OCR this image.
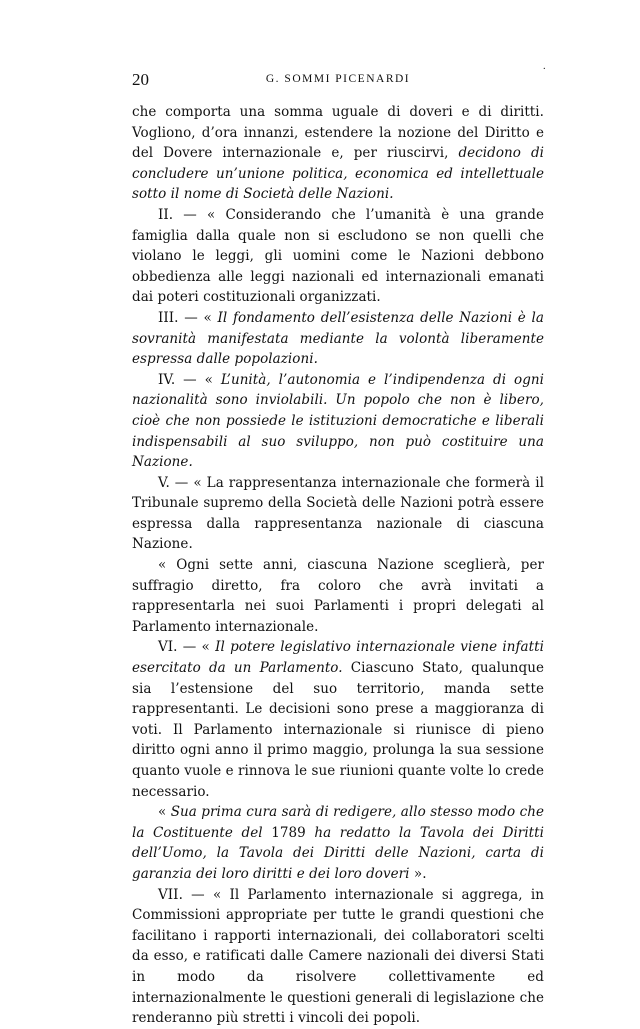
20	G. SOMMI PICENARDI
·

che comporta una somma uguale di doveri e di diritti. Vogliono, d’ora innanzi, estendere la nozione del Diritto e del Dovere internazionale e, per riuscirvi, decidono di concludere un’unione politica, economica ed intellettuale sotto il nome di Società delle Nazioni.

II. — « Considerando che l’umanità è una grande famiglia dalla quale non si escludono se non quelli che violano le leggi, gli uomini come le Nazioni debbono obbedienza alle leggi nazionali ed internazionali emanati dai poteri costituzionali organizzati.

III. — « Il fondamento dell’esistenza delle Nazioni è la sovranità manifestata mediante la volontà liberamente espressa dalle popolazioni.

IV. — « L’unità, l’autonomia e l’indipendenza di ogni nazionalità sono inviolabili. Un popolo che non è libero, cioè che non possiede le istituzioni democratiche e liberali indispensabili al suo sviluppo, non può costituire una Nazione.

V. — « La rappresentanza internazionale che formerà il Tribunale supremo della Società delle Nazioni potrà essere espressa dalla rappresentanza nazionale di ciascuna Nazione.

« Ogni sette anni, ciascuna Nazione sceglierà, per suffragio diretto, fra coloro che avrà invitati a rappresentarla nei suoi Parlamenti i propri delegati al Parlamento internazionale.

VI. — « Il potere legislativo internazionale viene infatti esercitato da un Parlamento. Ciascuno Stato, qualunque sia l’estensione del suo territorio, manda sette rappresentanti. Le decisioni sono prese a maggioranza di voti. Il Parlamento internazionale si riunisce di pieno diritto ogni anno il primo maggio, prolunga la sua sessione quanto vuole e rinnova le sue riunioni quante volte lo crede necessario.

« Sua prima cura sarà di redigere, allo stesso modo che la Costituente del 1789 ha redatto la Tavola dei Diritti dell’Uomo, la Tavola dei Diritti delle Nazioni, carta di garanzia dei loro diritti e dei loro doveri ».

VII. — « Il Parlamento internazionale si aggrega, in Commissioni appropriate per tutte le grandi questioni che facilitano i rapporti internazionali, dei collaboratori scelti da esso, e ratificati dalle Camere nazionali dei diversi Stati in modo da risolvere collettivamente ed internazionalmente le questioni generali di legislazione che renderanno più stretti i vincoli dei popoli.
